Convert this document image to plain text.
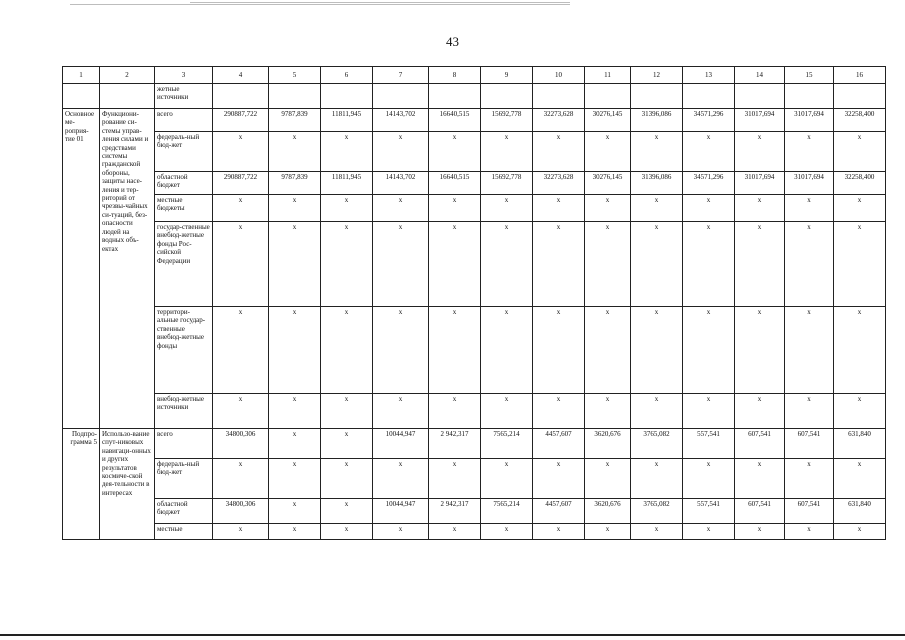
43
1	2	3	4	5	6	7	8	9	10	11	12	13	14	15	16
		жетные источники													
Основное ме-роприя-тие 01	Функциони-рование си-стемы управ-ления силами и средствами системы гражданской обороны, защиты насе-ления и тер-риторий от чрезвы-чайных си-туаций, без-опасности людей на водных объ-ектах	всего	290887,722	9787,839	11811,945	14143,702	16640,515	15692,778	32273,628	30276,145	31396,086	34571,296	31017,694	31017,694	32258,400
		федераль-ный бюд-жет	x	x	x	x	x	x	x	x	x	x	x	x	x
		областной бюджет	290887,722	9787,839	11811,945	14143,702	16640,515	15692,778	32273,628	30276,145	31396,086	34571,296	31017,694	31017,694	32258,400
		местные бюджеты	x	x	x	x	x	x	x	x	x	x	x	x	x
		государ-ственные внебюд-жетные фонды Рос-сийской Федерации	x	x	x	x	x	x	x	x	x	x	x	x	x
		территори-альные государ-ственные внебюд-жетные фонды	x	x	x	x	x	x	x	x	x	x	x	x	x
		внебюд-жетные источники	x	x	x	x	x	x	x	x	x	x	x	x	x
Подпро-грамма 5	Использо-вание спут-никовых навигаци-онных и других результатов космиче-ской дея-тельности в интересах	всего	34800,306	x	x	10044,947	2 942,317	7565,214	4457,607	3620,676	3765,082	557,541	607,541	607,541	631,840
		федераль-ный бюд-жет	x	x	x	x	x	x	x	x	x	x	x	x	x
		областной бюджет	34800,306	x	x	10044,947	2 942,317	7565,214	4457,607	3620,676	3765,082	557,541	607,541	607,541	631,840
		местные	x	x	x	x	x	x	x	x	x	x	x	x	x
